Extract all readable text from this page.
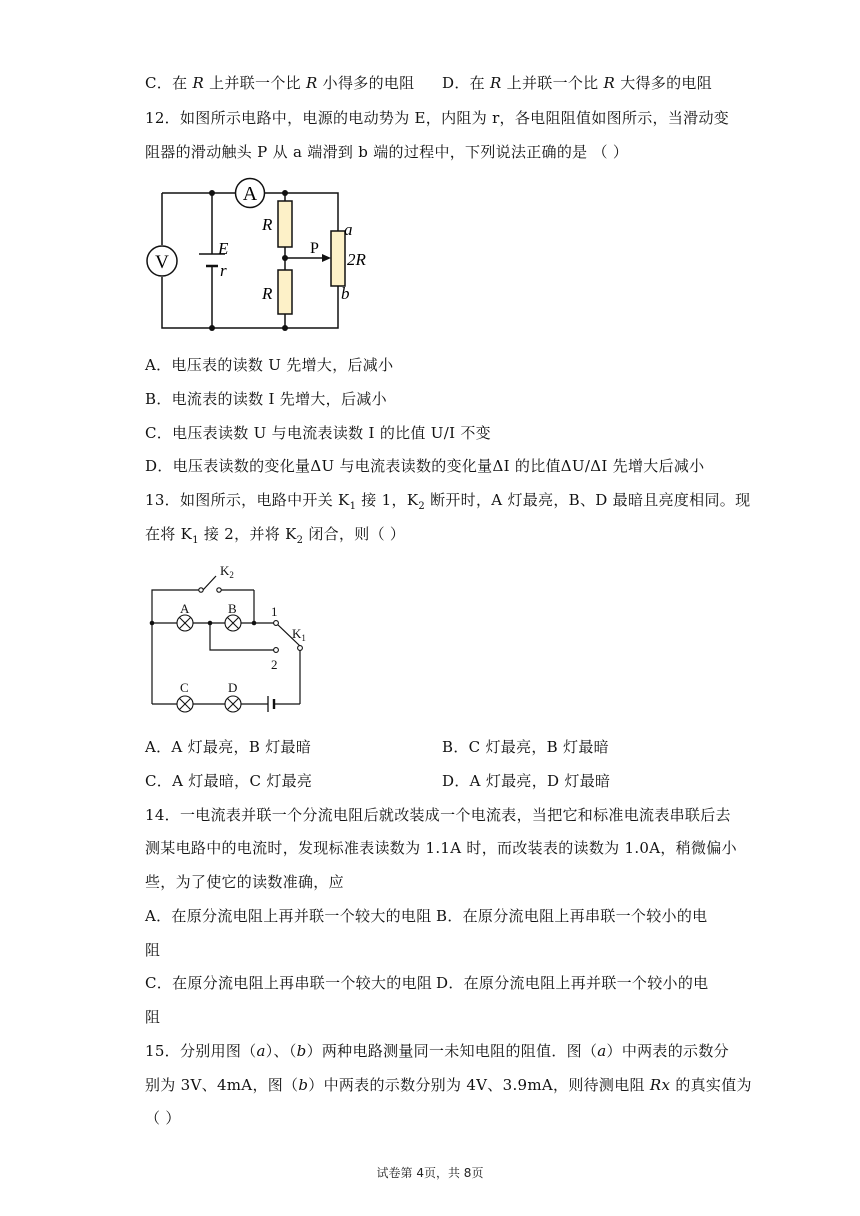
C．在 R 上并联一个比 R 小得多的电阻 D．在 R 上并联一个比 R 大得多的电阻
12．如图所示电路中，电源的电动势为 E，内阻为 r，各电阻阻值如图所示，当滑动变
阻器的滑动触头 P 从 a 端滑到 b 端的过程中，下列说法正确的是 （ ）
A
V
E
r
R
R
P
2R
a
b
A．电压表的读数 U 先增大，后减小
B．电流表的读数 I 先增大，后减小
C．电压表读数 U 与电流表读数 I 的比值 U/I 不变
D．电压表读数的变化量ΔU 与电流表读数的变化量ΔI 的比值ΔU/ΔI 先增大后减小
13．如图所示，电路中开关 $K_1$ 接 1，$K_2$ 断开时，A 灯最亮，B、D 最暗且亮度相同。现
在将 $K_1$ 接 2，并将 $K_2$ 闭合，则（ ）
$K_2$
$K_1$
A	B
C	D
1
2
A．A 灯最亮，B 灯最暗	B．C 灯最亮，B 灯最暗
C．A 灯最暗，C 灯最亮	D．A 灯最亮，D 灯最暗
14．一电流表并联一个分流电阻后就改装成一个电流表，当把它和标准电流表串联后去
测某电路中的电流时，发现标准表读数为 1.1A 时，而改装表的读数为 1.0A，稍微偏小
些，为了使它的读数准确，应
A．在原分流电阻上再并联一个较大的电阻 B．在原分流电阻上再串联一个较小的电
阻
C．在原分流电阻上再串联一个较大的电阻 D．在原分流电阻上再并联一个较小的电
阻
15．分别用图（a）、（b）两种电路测量同一未知电阻的阻值．图（a）中两表的示数分
别为 3V、4mA，图（b）中两表的示数分别为 4V、3.9mA，则待测电阻 Rx 的真实值为
（ ）
试卷第 4页，共 8页
